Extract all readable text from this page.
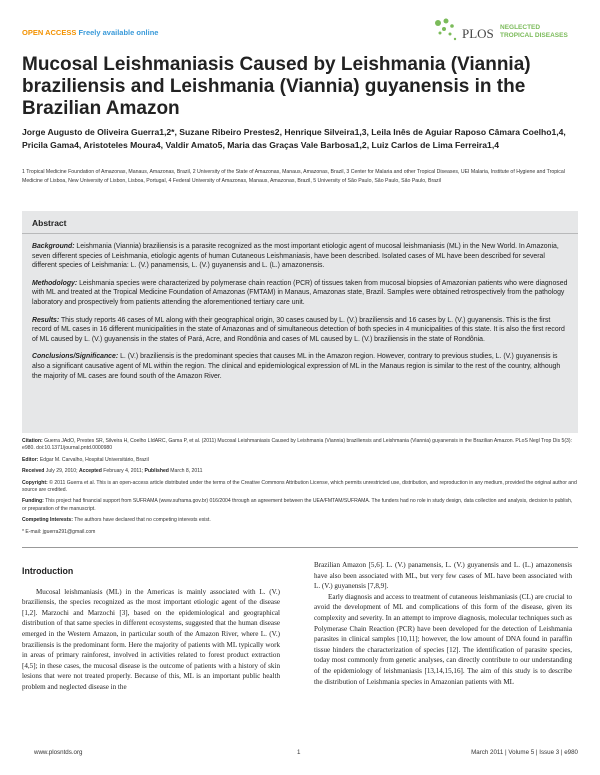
OPEN ACCESS Freely available online	PLOS NEGLECTED
TROPICAL DISEASES
Mucosal Leishmaniasis Caused by Leishmania (Viannia) braziliensis and Leishmania (Viannia) guyanensis in the Brazilian Amazon
Jorge Augusto de Oliveira Guerra1,2*, Suzane Ribeiro Prestes2, Henrique Silveira1,3, Leila Inês de Aguiar Raposo Câmara Coelho1,4, Pricila Gama4, Aristoteles Moura4, Valdir Amato5, Maria das Graças Vale Barbosa1,2, Luiz Carlos de Lima Ferreira1,4
1 Tropical Medicine Foundation of Amazonas, Manaus, Amazonas, Brazil, 2 University of the State of Amazonas, Manaus, Amazonas, Brazil, 3 Center for Malaria and other Tropical Diseases, UEI Malaria, Institute of Hygiene and Tropical Medicine of Lisboa, New University of Lisbon, Lisboa, Portugal, 4 Federal University of Amazonas, Manaus, Amazonas, Brazil, 5 University of São Paulo, São Paulo, São Paulo, Brazil
Abstract

Background: Leishmania (Viannia) braziliensis is a parasite recognized as the most important etiologic agent of mucosal leishmaniasis (ML) in the New World. In Amazonia, seven different species of Leishmania, etiologic agents of human Cutaneous Leishmaniasis, have been described. Isolated cases of ML have been described for several different species of Leishmania: L. (V.) panamensis, L. (V.) guyanensis and L. (L.) amazonensis.

Methodology: Leishmania species were characterized by polymerase chain reaction (PCR) of tissues taken from mucosal biopsies of Amazonian patients who were diagnosed with ML and treated at the Tropical Medicine Foundation of Amazonas (FMTAM) in Manaus, Amazonas state, Brazil. Samples were obtained retrospectively from the pathology laboratory and prospectively from patients attending the aforementioned tertiary care unit.

Results: This study reports 46 cases of ML along with their geographical origin, 30 cases caused by L. (V.) braziliensis and 16 cases by L. (V.) guyanensis. This is the first record of ML cases in 16 different municipalities in the state of Amazonas and of simultaneous detection of both species in 4 municipalities of this state. It is also the first record of ML caused by L. (V.) guyanensis in the states of Pará, Acre, and Rondônia and cases of ML caused by L. (V.) braziliensis in the state of Rondônia.

Conclusions/Significance: L. (V.) braziliensis is the predominant species that causes ML in the Amazon region. However, contrary to previous studies, L. (V.) guyanensis is also a significant causative agent of ML within the region. The clinical and epidemiological expression of ML in the Manaus region is similar to the rest of the country, although the majority of ML cases are found south of the Amazon River.

Citation: Guerra JAdO, Prestes SR, Silveira H, Coelho LIdARC, Gama P, et al. (2011) Mucosal Leishmaniasis Caused by Leishmania (Viannia) braziliensis and Leishmania (Viannia) guyanensis in the Brazilian Amazon. PLoS Negl Trop Dis 5(3): e980. doi:10.1371/journal.pntd.0000980

Editor: Edgar M. Carvalho, Hospital Universitário, Brazil

Received July 29, 2010; Accepted February 4, 2011; Published March 8, 2011

Copyright: © 2011 Guerra et al. This is an open-access article distributed under the terms of the Creative Commons Attribution License, which permits unrestricted use, distribution, and reproduction in any medium, provided the original author and source are credited.

Funding: This project had financial support from SUFRAMA (www.suframa.gov.br) 016/2004 through an agreement between the UEA/FMTAM/SUFRAMA. The funders had no role in study design, data collection and analysis, decision to publish, or preparation of the manuscript.

Competing Interests: The authors have declared that no competing interests exist.

* E-mail: jguerra291@gmail.com

Introduction

Mucosal leishmaniasis (ML) in the Americas is mainly associated with L. (V.) braziliensis, the species recognized as the most important etiologic agent of the disease [1,2]. Marzochi and Marzochi [3], based on the epidemiological and geographical distribution of that same species in different ecosystems, suggested that the human disease emerged in the Western Amazon, in particular south of the Amazon River, where L. (V.) braziliensis is the predominant form. Here the majority of patients with ML typically work in areas of primary rainforest, involved in activities related to forest product extraction [4,5]; in these cases, the mucosal disease is the outcome of patients with a history of skin lesions that were not treated properly. Because of this, ML is an important public health problem and neglected disease in the

Brazilian Amazon [5,6]. L. (V.) panamensis, L. (V.) guyanensis and L. (L.) amazonensis have also been associated with ML, but very few cases of ML have been associated with L. (V.) guyanensis [7,8,9].

Early diagnosis and access to treatment of cutaneous leishmaniasis (CL) are crucial to avoid the development of ML and complications of this form of the disease, given its complexity and severity. In an attempt to improve diagnosis, molecular techniques such as Polymerase Chain Reaction (PCR) have been developed for the detection of Leishmania parasites in clinical samples [10,11]; however, the low amount of DNA found in paraffin tissue hinders the characterization of species [12]. The identification of parasite species, today most commonly from genetic analyses, can directly contribute to our understanding of the epidemiology of leishmaniasis [13,14,15,16]. The aim of this study is to describe the distribution of Leishmania species in Amazonian patients with ML

www.plosntds.org	1	March 2011 | Volume 5 | Issue 3 | e980
